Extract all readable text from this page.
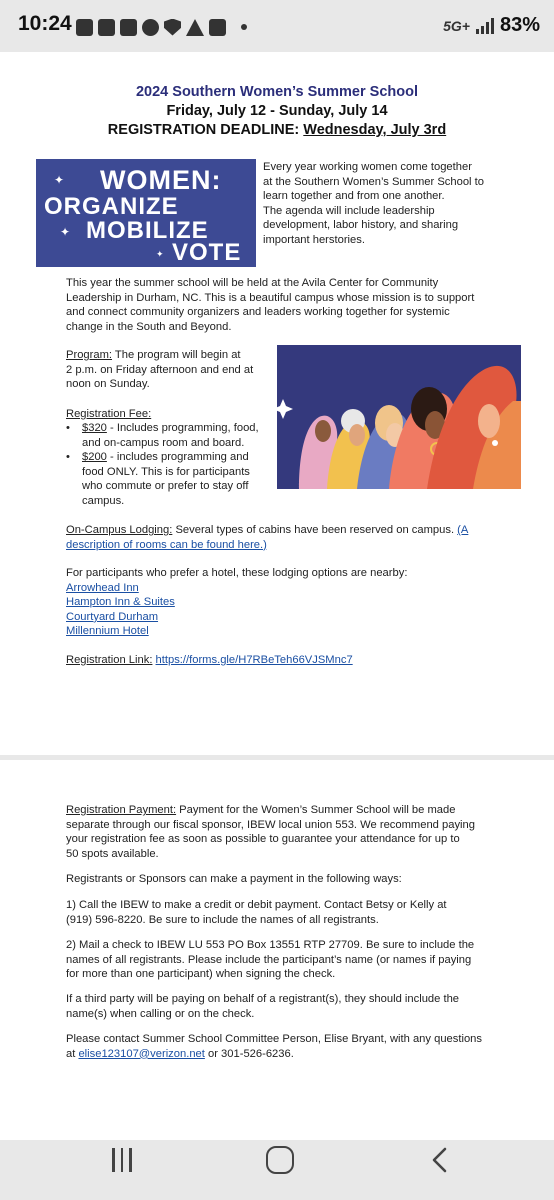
10:24	5G+ 83%
2024 Southern Women’s Summer School
Friday, July 12 - Sunday, July 14
REGISTRATION DEADLINE: Wednesday, July 3rd
WOMEN:
ORGANIZE
MOBILIZE
VOTE
✦
✦
✦
Every year working women come together
at the Southern Women’s Summer School to
learn together and from one another.
The agenda will include leadership
development, labor history, and sharing
important herstories.
This year the summer school will be held at the Avila Center for Community
Leadership in Durham, NC. This is a beautiful campus whose mission is to support
and connect community organizers and leaders working together for systemic
change in the South and Beyond.
Program: The program will begin at
2 p.m. on Friday afternoon and end at
noon on Sunday.
Registration Fee:
• $320 - Includes programming, food,
and on-campus room and board.
• $200 - includes programming and
food ONLY. This is for participants
who commute or prefer to stay off
campus.
On-Campus Lodging: Several types of cabins have been reserved on campus. (A
description of rooms can be found here.)
For participants who prefer a hotel, these lodging options are nearby:
Arrowhead Inn
Hampton Inn & Suites
Courtyard Durham
Millennium Hotel
Registration Link: https://forms.gle/H7RBeTeh66VJSMnc7
Registration Payment: Payment for the Women’s Summer School will be made
separate through our fiscal sponsor, IBEW local union 553. We recommend paying
your registration fee as soon as possible to guarantee your attendance for up to
50 spots available.
Registrants or Sponsors can make a payment in the following ways:
1) Call the IBEW to make a credit or debit payment. Contact Betsy or Kelly at
(919) 596-8220. Be sure to include the names of all registrants.
2) Mail a check to IBEW LU 553 PO Box 13551 RTP 27709. Be sure to include the
names of all registrants. Please include the participant’s name (or names if paying
for more than one participant) when signing the check.
If a third party will be paying on behalf of a registrant(s), they should include the
name(s) when calling or on the check.
Please contact Summer School Committee Person, Elise Bryant, with any questions
at elise123107@verizon.net or 301-526-6236.
